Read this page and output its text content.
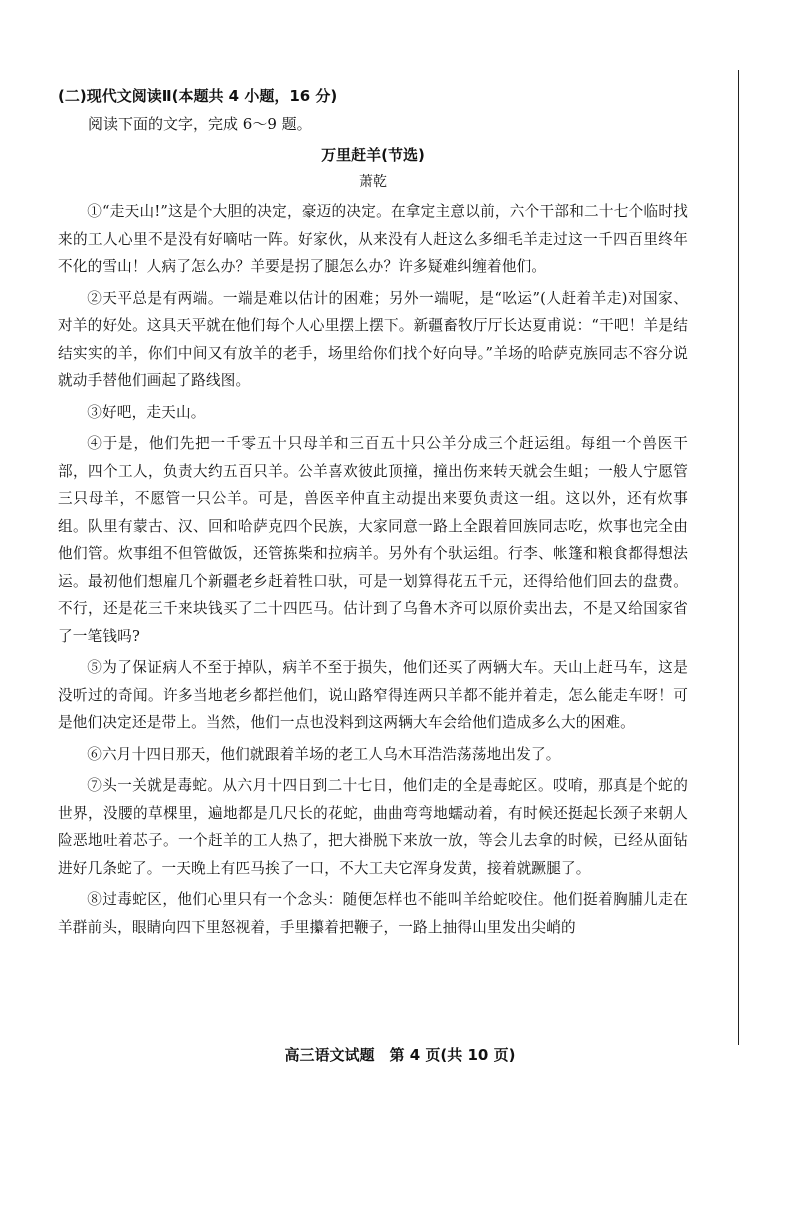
(二)现代文阅读Ⅱ(本题共 4 小题，16 分)
阅读下面的文字，完成 6～9 题。
万里赶羊(节选)
萧乾

①“走天山!”这是个大胆的决定，豪迈的决定。在拿定主意以前，六个干部和二十七个临时找来的工人心里不是没有好嘀咕一阵。好家伙，从来没有人赶这么多细毛羊走过这一千四百里终年不化的雪山！人病了怎么办？羊要是拐了腿怎么办？许多疑难纠缠着他们。

②天平总是有两端。一端是难以估计的困难；另外一端呢，是“吆运”(人赶着羊走)对国家、对羊的好处。这具天平就在他们每个人心里摆上摆下。新疆畜牧厅厅长达夏甫说：“干吧！羊是结结实实的羊，你们中间又有放羊的老手，场里给你们找个好向导。”羊场的哈萨克族同志不容分说就动手替他们画起了路线图。

③好吧，走天山。

④于是，他们先把一千零五十只母羊和三百五十只公羊分成三个赶运组。每组一个兽医干部，四个工人，负责大约五百只羊。公羊喜欢彼此顶撞，撞出伤来转天就会生蛆；一般人宁愿管三只母羊，不愿管一只公羊。可是，兽医辛仲直主动提出来要负责这一组。这以外，还有炊事组。队里有蒙古、汉、回和哈萨克四个民族，大家同意一路上全跟着回族同志吃，炊事也完全由他们管。炊事组不但管做饭，还管拣柴和拉病羊。另外有个驮运组。行李、帐篷和粮食都得想法运。最初他们想雇几个新疆老乡赶着牲口驮，可是一划算得花五千元，还得给他们回去的盘费。不行，还是花三千来块钱买了二十四匹马。估计到了乌鲁木齐可以原价卖出去，不是又给国家省了一笔钱吗?

⑤为了保证病人不至于掉队，病羊不至于损失，他们还买了两辆大车。天山上赶马车，这是没听过的奇闻。许多当地老乡都拦他们，说山路窄得连两只羊都不能并着走，怎么能走车呀！可是他们决定还是带上。当然，他们一点也没料到这两辆大车会给他们造成多么大的困难。

⑥六月十四日那天，他们就跟着羊场的老工人乌木耳浩浩荡荡地出发了。

⑦头一关就是毒蛇。从六月十四日到二十七日，他们走的全是毒蛇区。哎唷，那真是个蛇的世界，没腰的草棵里，遍地都是几尺长的花蛇，曲曲弯弯地蠕动着，有时候还挺起长颈子来朝人险恶地吐着芯子。一个赶羊的工人热了，把大褂脱下来放一放，等会儿去拿的时候，已经从面钻进好几条蛇了。一天晚上有匹马挨了一口，不大工夫它浑身发黄，接着就蹶腿了。

⑧过毒蛇区，他们心里只有一个念头：随便怎样也不能叫羊给蛇咬住。他们挺着胸脯儿走在羊群前头，眼睛向四下里怒视着，手里攥着把鞭子，一路上抽得山里发出尖峭的

高三语文试题　第 4 页(共 10 页)
